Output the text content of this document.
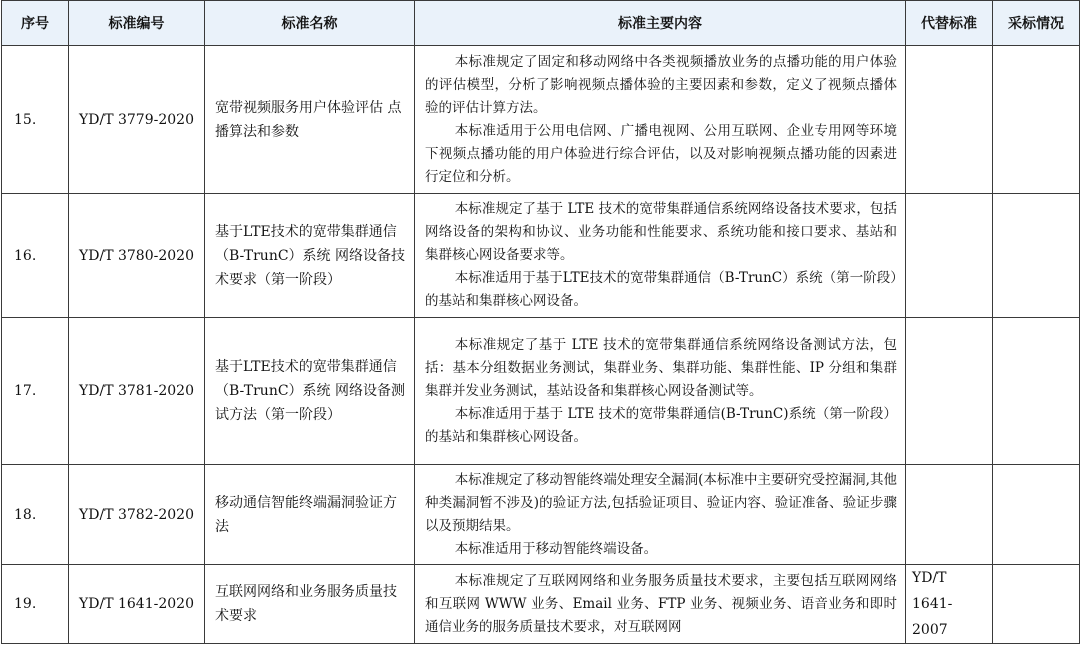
序号	标准编号	标准名称	标准主要内容	代替标准	采标情况
15.	YD/T 3779-2020	宽带视频服务用户体验评估 点播算法和参数	本标准规定了固定和移动网络中各类视频播放业务的点播功能的用户体验的评估模型，分析了影响视频点播体验的主要因素和参数，定义了视频点播体验的评估计算方法。

本标准适用于公用电信网、广播电视网、公用互联网、企业专用网等环境下视频点播功能的用户体验进行综合评估，以及对影响视频点播功能的因素进行定位和分析。		

16.	YD/T 3780-2020	基于LTE技术的宽带集群通信（B-TrunC）系统 网络设备技术要求（第一阶段）	本标准规定了基于 LTE 技术的宽带集群通信系统网络设备技术要求，包括网络设备的架构和协议、业务功能和性能要求、系统功能和接口要求、基站和集群核心网设备要求等。

本标准适用于基于LTE技术的宽带集群通信（B-TrunC）系统（第一阶段）的基站和集群核心网设备。		

17.	YD/T 3781-2020	基于LTE技术的宽带集群通信（B-TrunC）系统 网络设备测试方法（第一阶段）	本标准规定了基于 LTE 技术的宽带集群通信系统网络设备测试方法，包括：基本分组数据业务测试，集群业务、集群功能、集群性能、IP 分组和集群集群并发业务测试，基站设备和集群核心网设备测试等。

本标准适用于基于 LTE 技术的宽带集群通信(B-TrunC)系统（第一阶段）的基站和集群核心网设备。		

18.	YD/T 3782-2020	移动通信智能终端漏洞验证方法	本标准规定了移动智能终端处理安全漏洞(本标准中主要研究受控漏洞,其他种类漏洞暂不涉及)的验证方法,包括验证项目、验证内容、验证准备、验证步骤以及预期结果。

本标准适用于移动智能终端设备。		

19.	YD/T 1641-2020	互联网网络和业务服务质量技术要求	本标准规定了互联网网络和业务服务质量技术要求，主要包括互联网网络和互联网 WWW 业务、Email 业务、FTP 业务、视频业务、语音业务和即时通信业务的服务质量技术要求，对互联网网	YD/T 1641-2007	
